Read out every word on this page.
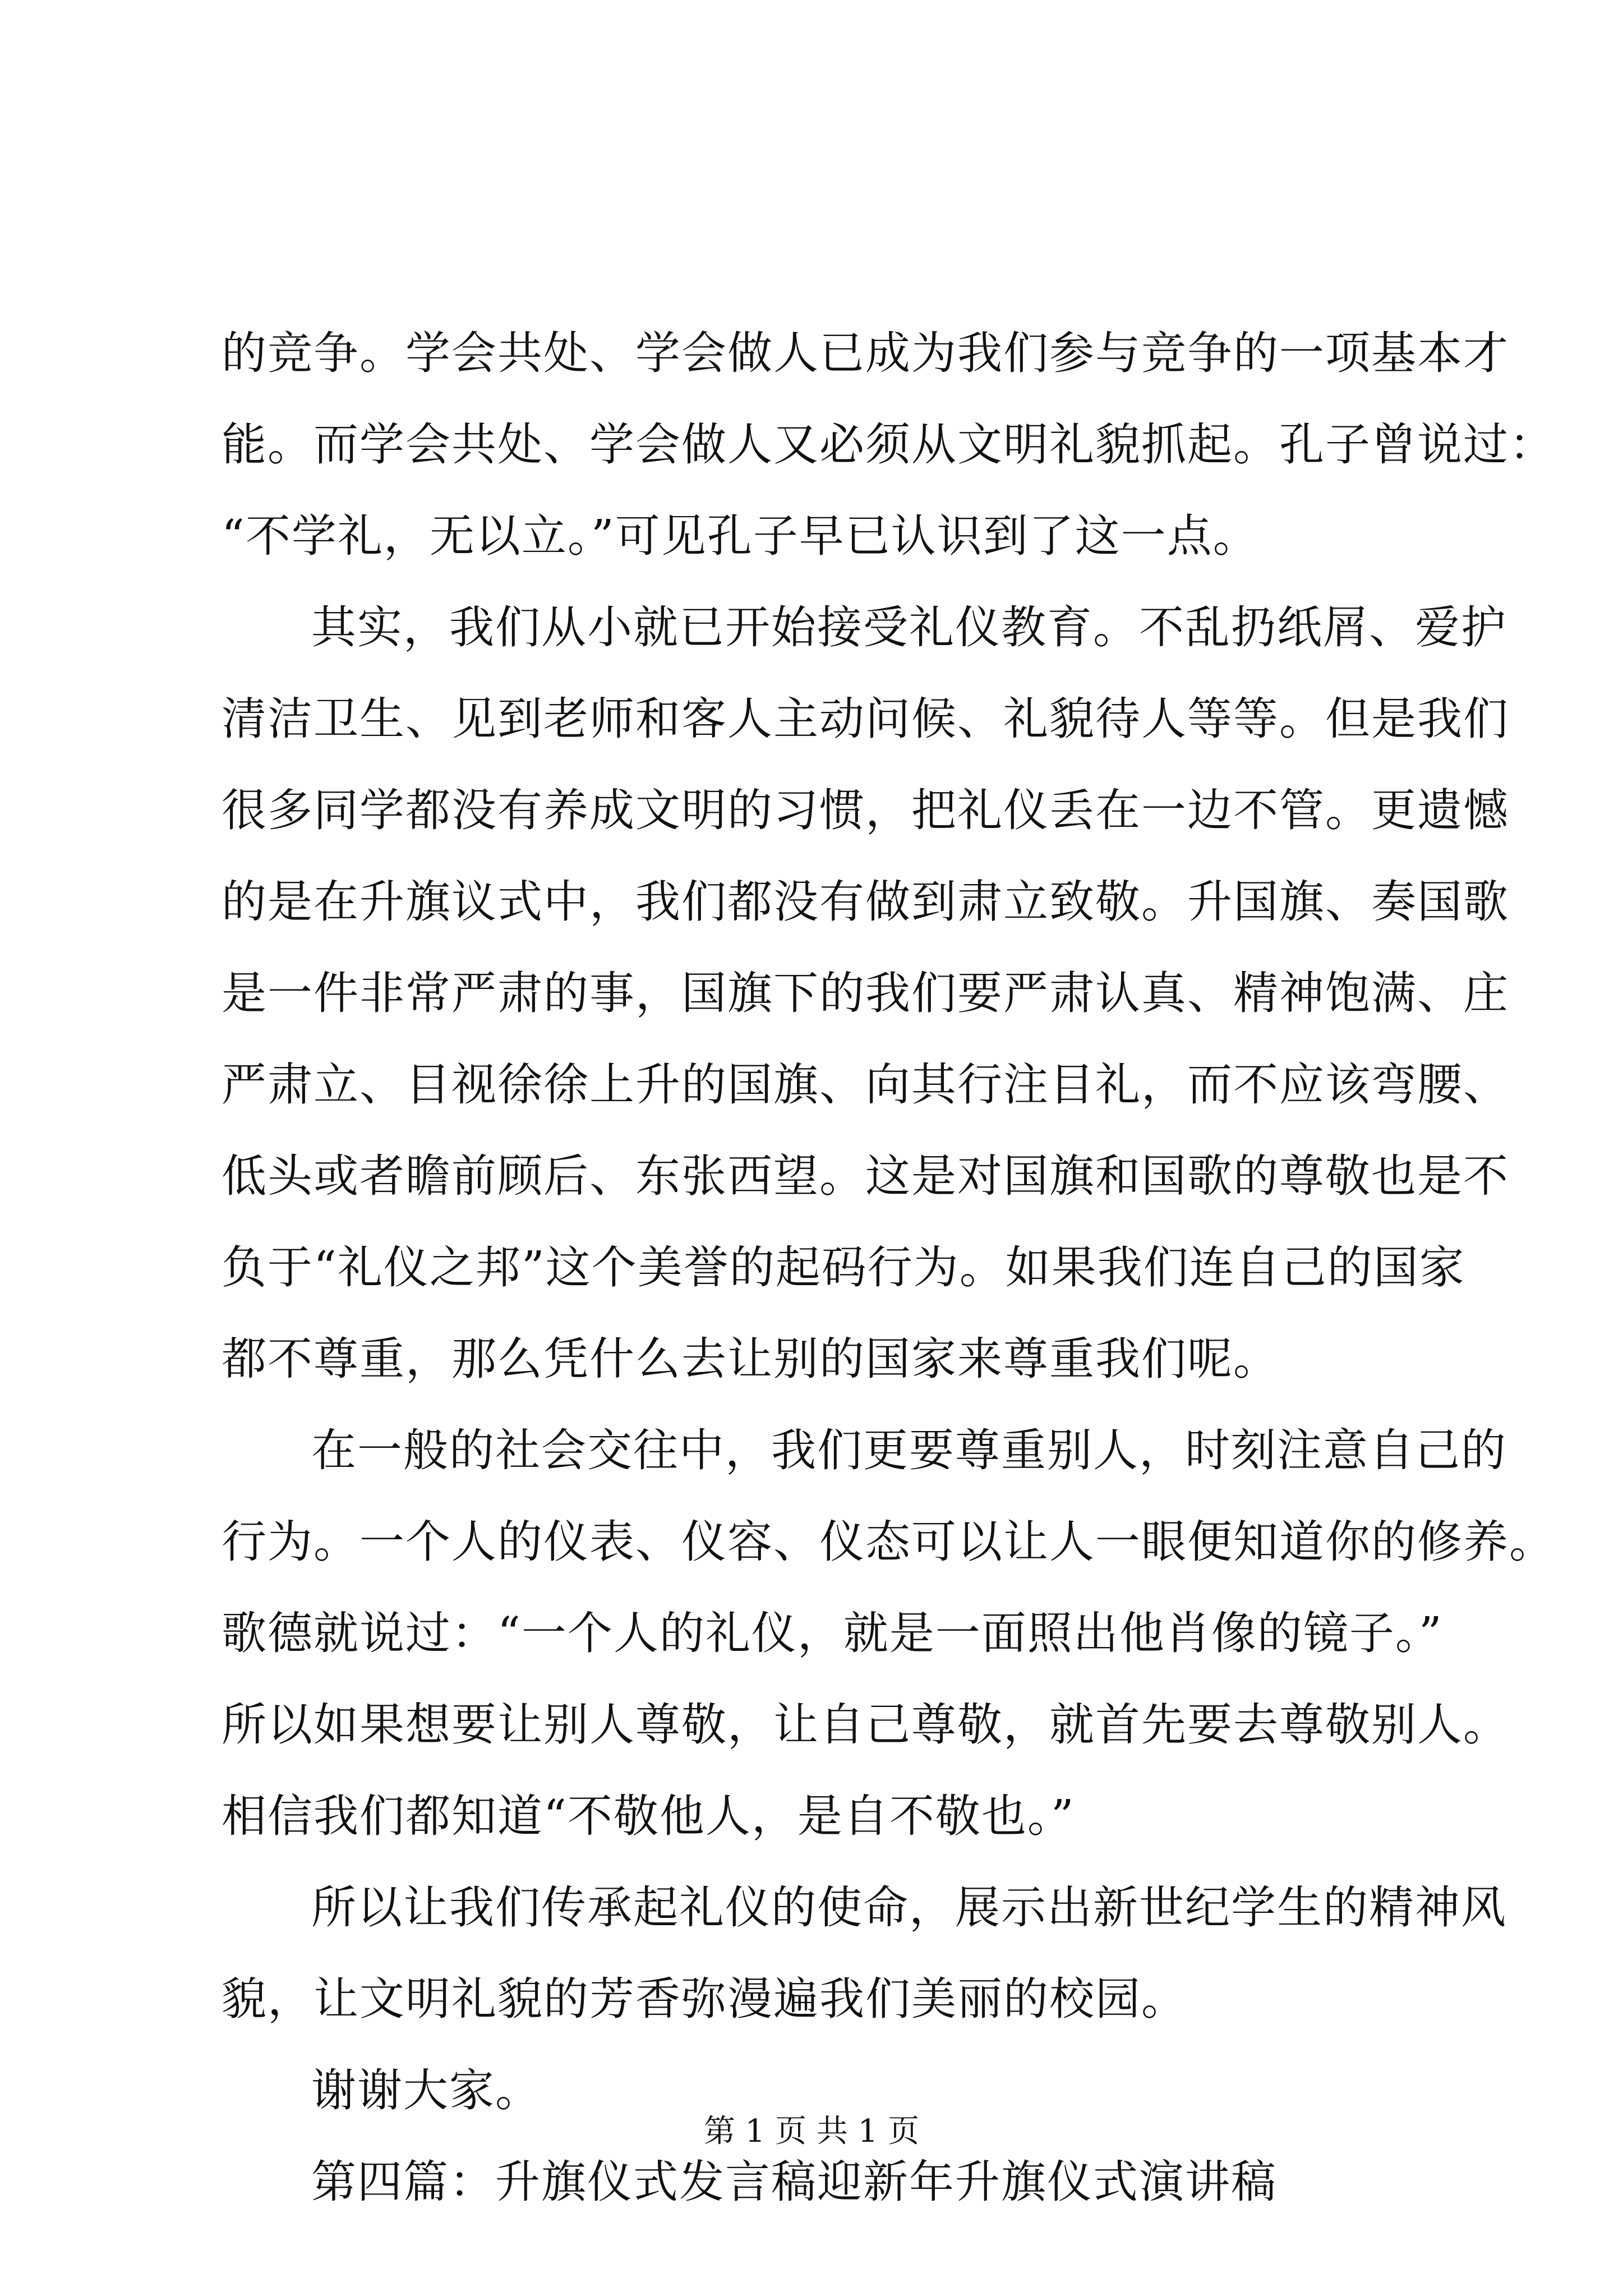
的竞争。学会共处、学会做人已成为我们参与竞争的一项基本才
能。而学会共处、学会做人又必须从文明礼貌抓起。孔子曾说过：
“不学礼，无以立。”可见孔子早已认识到了这一点。
其实，我们从小就已开始接受礼仪教育。不乱扔纸屑、爱护
清洁卫生、见到老师和客人主动问候、礼貌待人等等。但是我们
很多同学都没有养成文明的习惯，把礼仪丢在一边不管。更遗憾
的是在升旗议式中，我们都没有做到肃立致敬。升国旗、奏国歌
是一件非常严肃的事，国旗下的我们要严肃认真、精神饱满、庄
严肃立、目视徐徐上升的国旗、向其行注目礼，而不应该弯腰、
低头或者瞻前顾后、东张西望。这是对国旗和国歌的尊敬也是不
负于“礼仪之邦”这个美誉的起码行为。如果我们连自己的国家
都不尊重，那么凭什么去让别的国家来尊重我们呢。
在一般的社会交往中，我们更要尊重别人，时刻注意自己的
行为。一个人的仪表、仪容、仪态可以让人一眼便知道你的修养。
歌德就说过：“一个人的礼仪，就是一面照出他肖像的镜子。”
所以如果想要让别人尊敬，让自己尊敬，就首先要去尊敬别人。
相信我们都知道“不敬他人，是自不敬也。”
所以让我们传承起礼仪的使命，展示出新世纪学生的精神风
貌，让文明礼貌的芳香弥漫遍我们美丽的校园。
谢谢大家。
第四篇：升旗仪式发言稿迎新年升旗仪式演讲稿
第 1 页 共 1 页
